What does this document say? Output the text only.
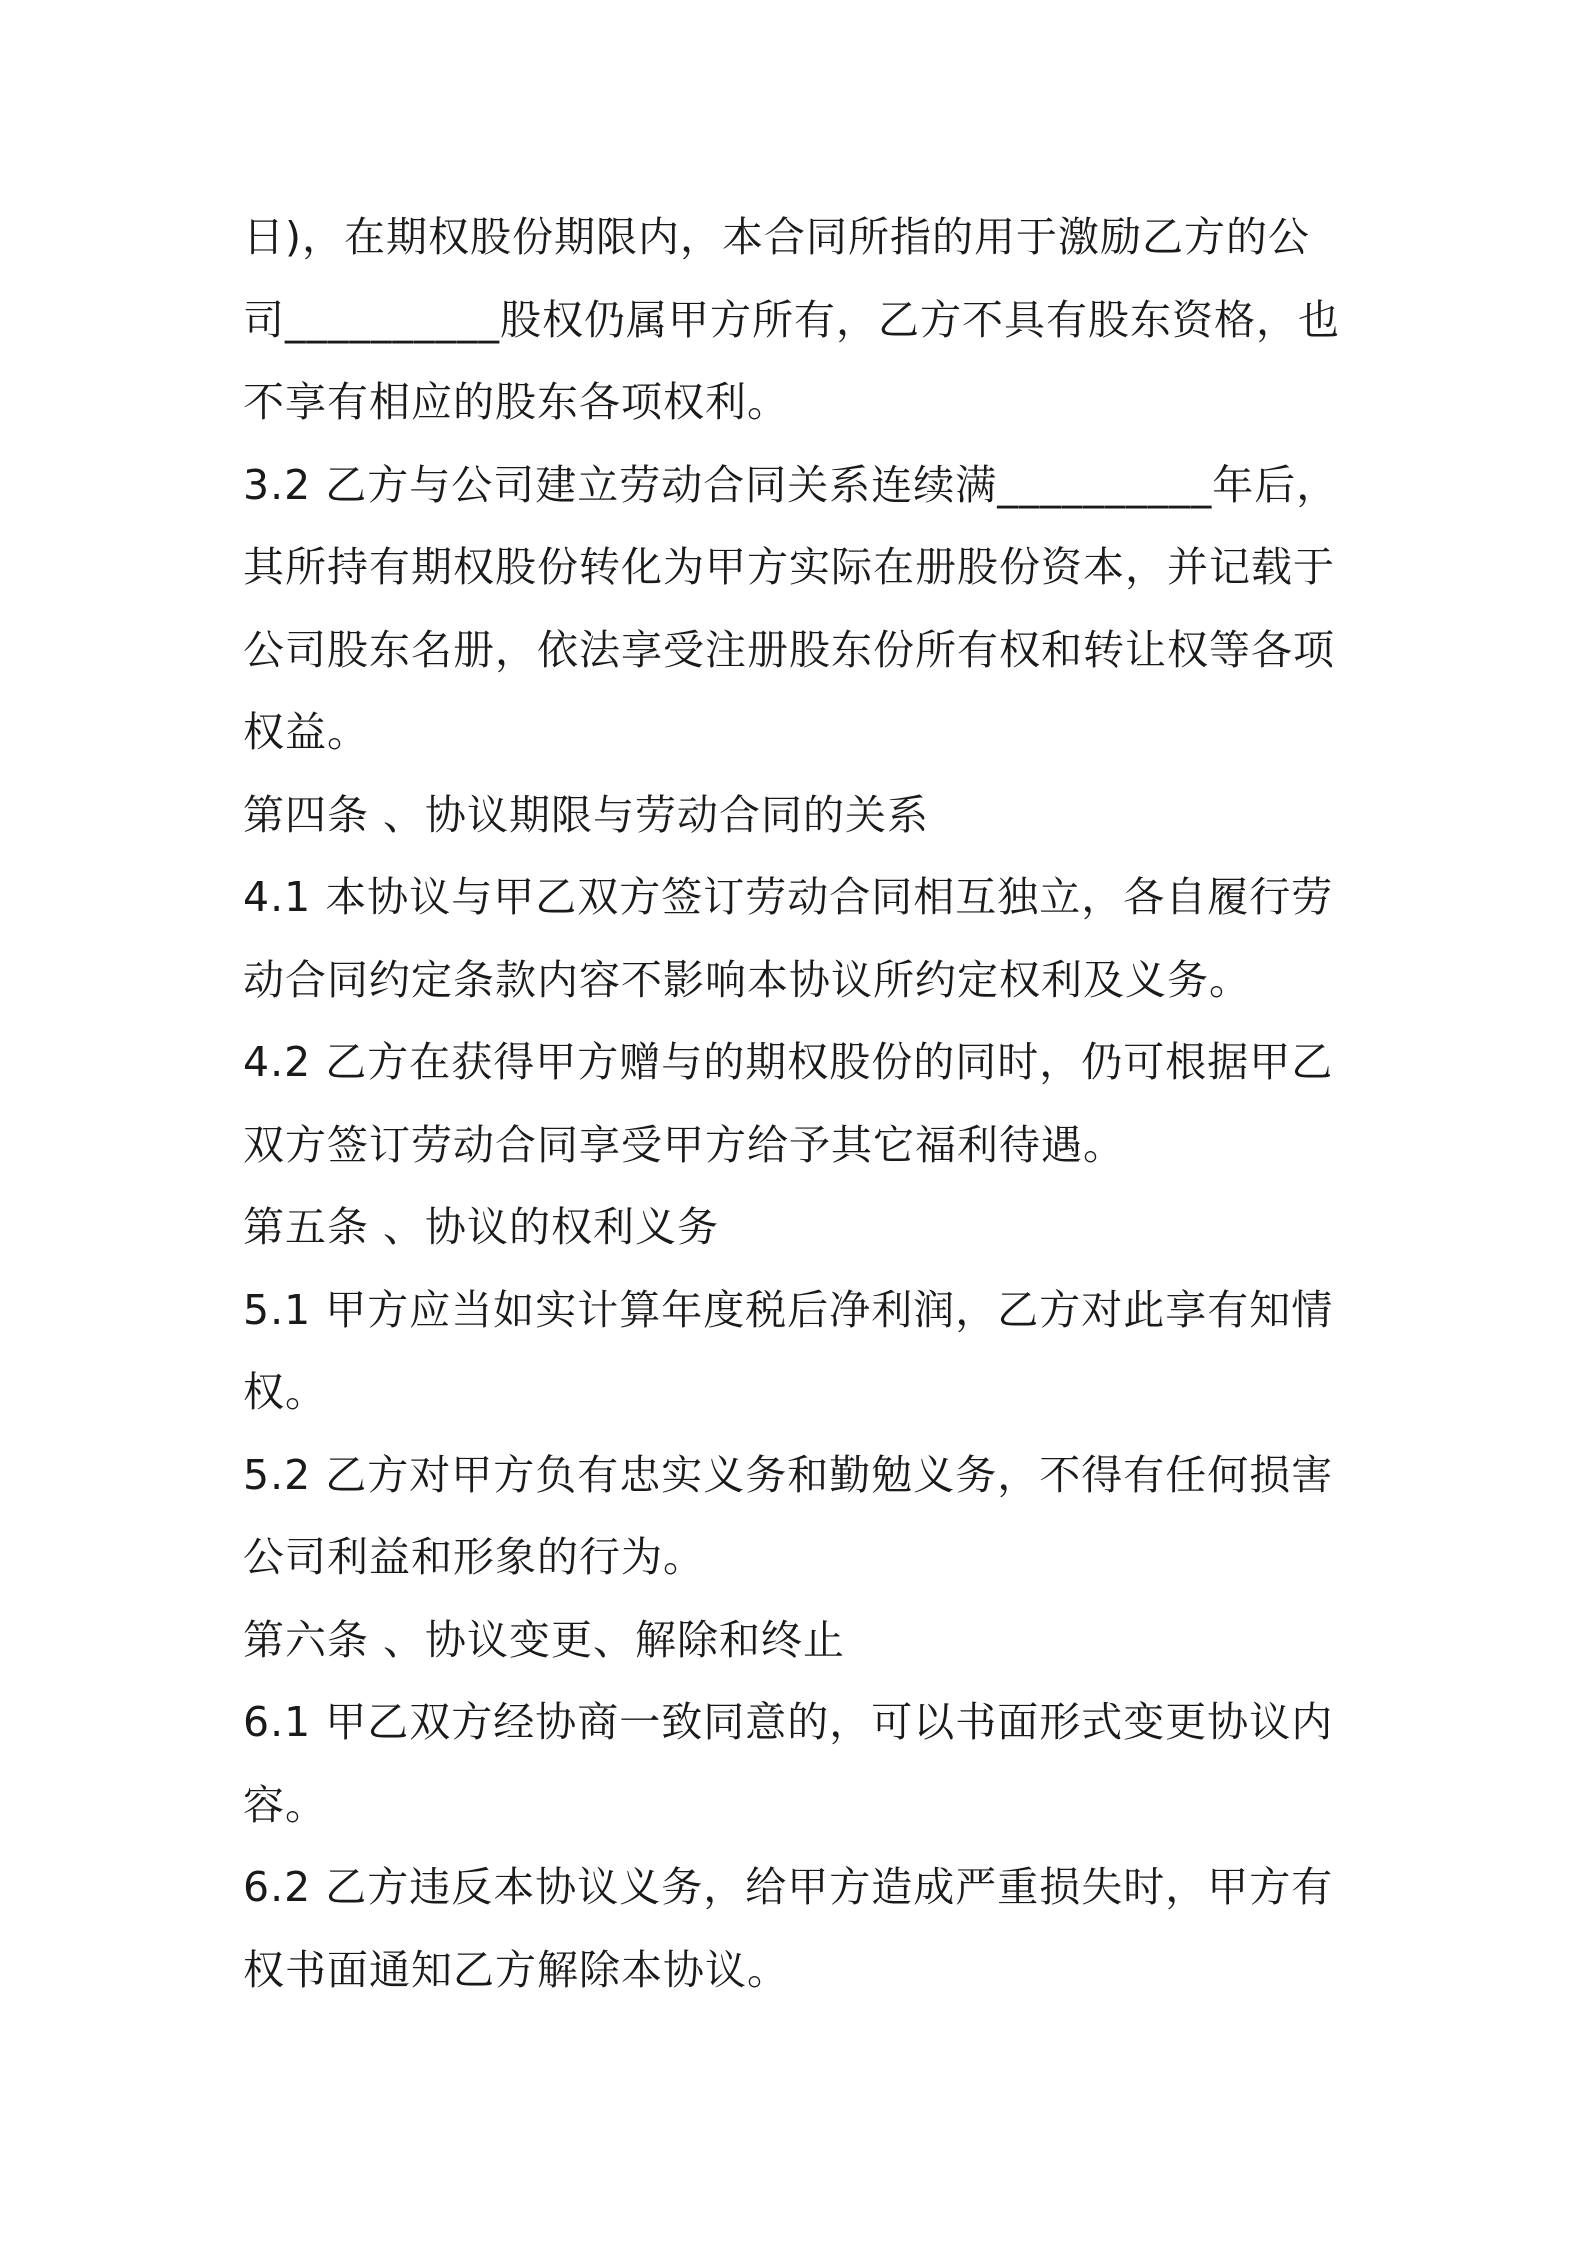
日)，在期权股份期限内，本合同所指的用于激励乙方的公

司__________股权仍属甲方所有，乙方不具有股东资格，也

不享有相应的股东各项权利。

3.2 乙方与公司建立劳动合同关系连续满__________年后，

其所持有期权股份转化为甲方实际在册股份资本，并记载于

公司股东名册，依法享受注册股东份所有权和转让权等各项

权益。

第四条 、协议期限与劳动合同的关系

4.1 本协议与甲乙双方签订劳动合同相互独立，各自履行劳

动合同约定条款内容不影响本协议所约定权利及义务。

4.2 乙方在获得甲方赠与的期权股份的同时，仍可根据甲乙

双方签订劳动合同享受甲方给予其它福利待遇。

第五条 、协议的权利义务

5.1 甲方应当如实计算年度税后净利润，乙方对此享有知情

权。

5.2 乙方对甲方负有忠实义务和勤勉义务，不得有任何损害

公司利益和形象的行为。

第六条 、协议变更、解除和终止

6.1 甲乙双方经协商一致同意的，可以书面形式变更协议内

容。

6.2 乙方违反本协议义务，给甲方造成严重损失时，甲方有

权书面通知乙方解除本协议。
